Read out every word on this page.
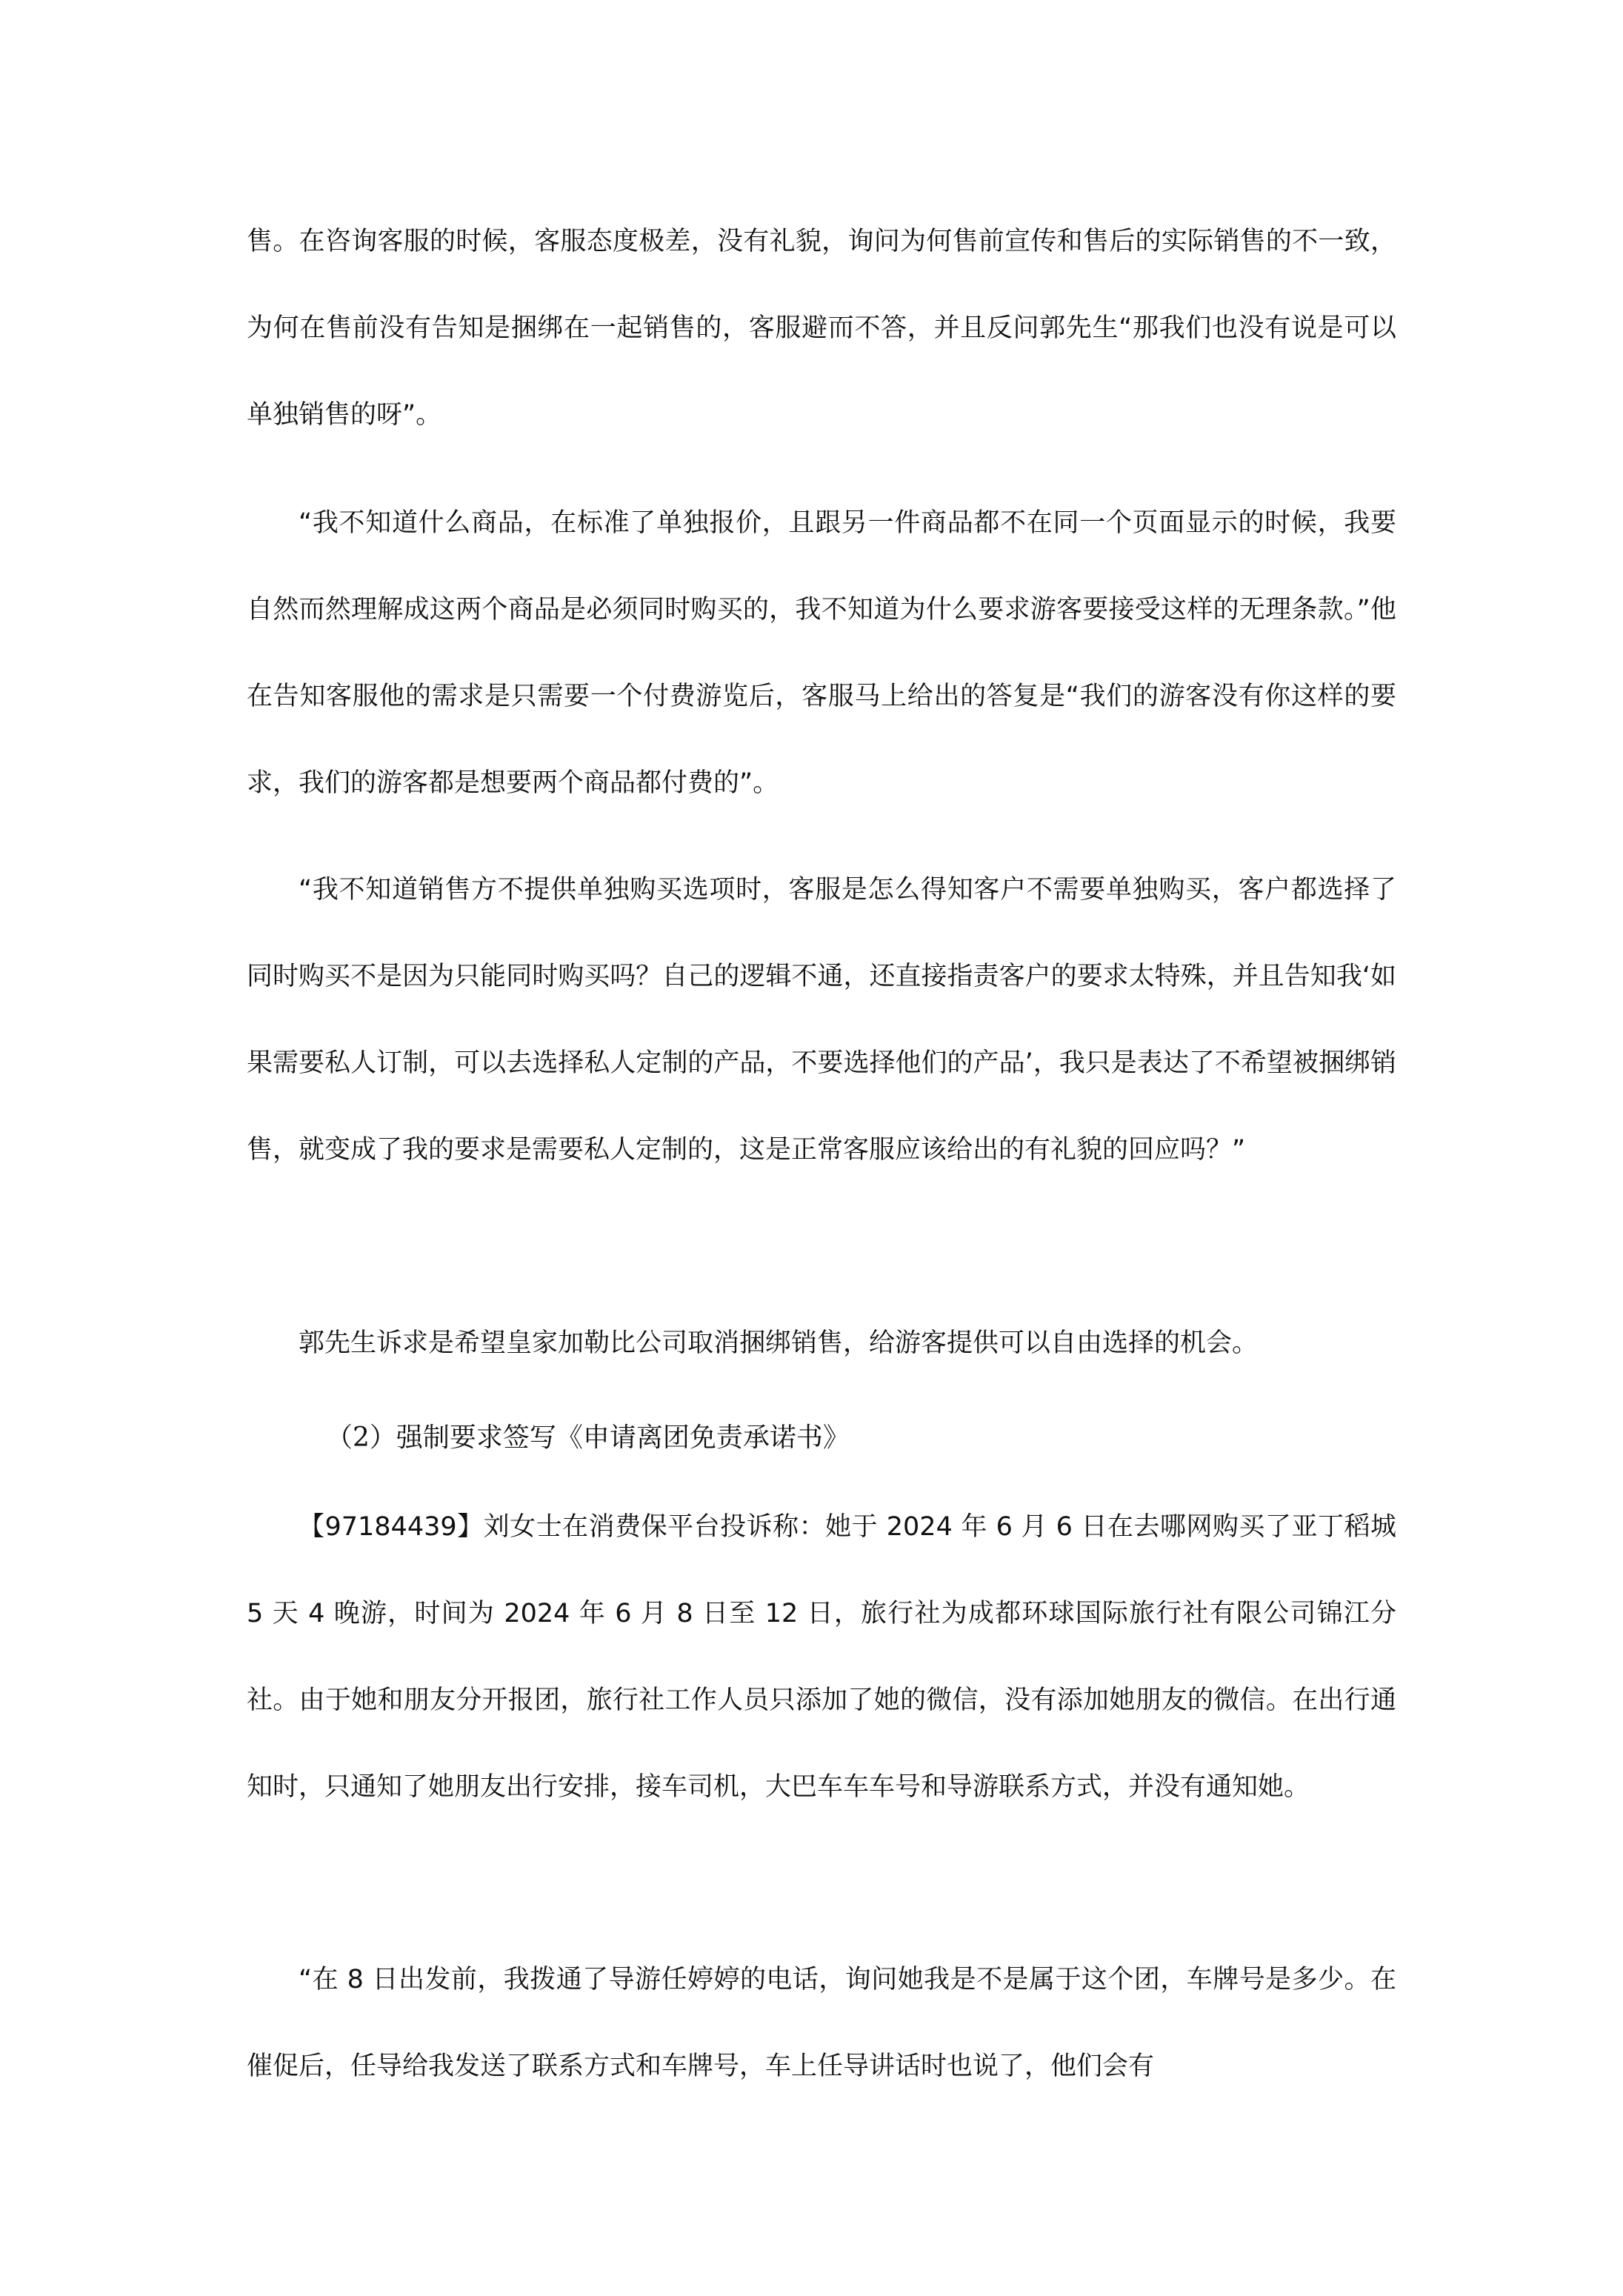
售。在咨询客服的时候，客服态度极差，没有礼貌，询问为何售前宣传和售后的实际销售的不一致，为何在售前没有告知是捆绑在一起销售的，客服避而不答，并且反问郭先生“那我们也没有说是可以单独销售的呀”。

“我不知道什么商品，在标准了单独报价，且跟另一件商品都不在同一个页面显示的时候，我要自然而然理解成这两个商品是必须同时购买的，我不知道为什么要求游客要接受这样的无理条款。”他在告知客服他的需求是只需要一个付费游览后，客服马上给出的答复是“我们的游客没有你这样的要求，我们的游客都是想要两个商品都付费的”。

“我不知道销售方不提供单独购买选项时，客服是怎么得知客户不需要单独购买，客户都选择了同时购买不是因为只能同时购买吗？自己的逻辑不通，还直接指责客户的要求太特殊，并且告知我‘如果需要私人订制，可以去选择私人定制的产品，不要选择他们的产品’，我只是表达了不希望被捆绑销售，就变成了我的要求是需要私人定制的，这是正常客服应该给出的有礼貌的回应吗？”

郭先生诉求是希望皇家加勒比公司取消捆绑销售，给游客提供可以自由选择的机会。

（2）强制要求签写《申请离团免责承诺书》

【97184439】刘女士在消费保平台投诉称：她于 2024 年 6 月 6 日在去哪网购买了亚丁稻城 5 天 4 晚游，时间为 2024 年 6 月 8 日至 12 日，旅行社为成都环球国际旅行社有限公司锦江分社。由于她和朋友分开报团，旅行社工作人员只添加了她的微信，没有添加她朋友的微信。在出行通知时，只通知了她朋友出行安排，接车司机，大巴车车车号和导游联系方式，并没有通知她。

“在 8 日出发前，我拨通了导游任婷婷的电话，询问她我是不是属于这个团，车牌号是多少。在催促后，任导给我发送了联系方式和车牌号，车上任导讲话时也说了，他们会有
